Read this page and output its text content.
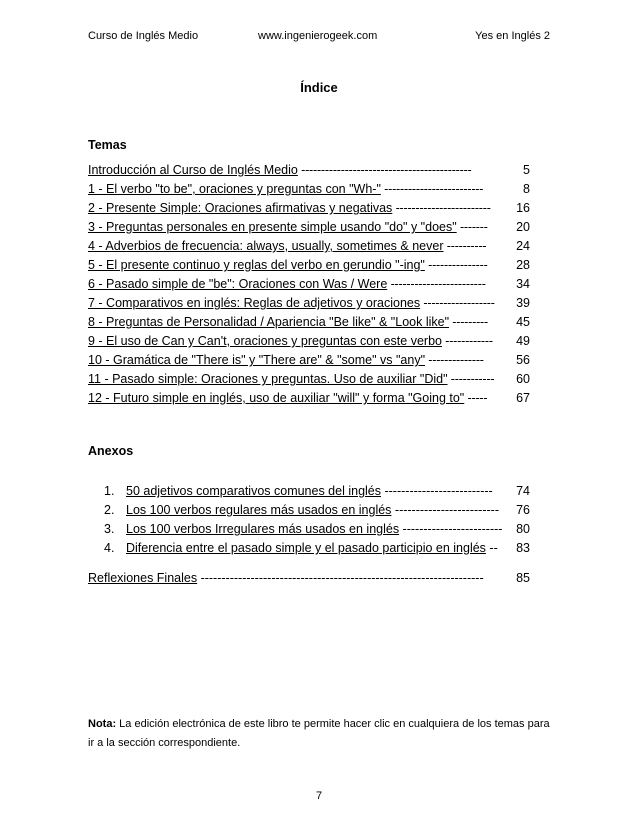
Curso de Inglés Medio	www.ingenierogeek.com	Yes en Inglés 2
Índice
Temas
Introducción al Curso de Inglés Medio -------------------------------------------	5
1 - El verbo "to be", oraciones y preguntas con "Wh-" -------------------------	8
2 - Presente Simple: Oraciones afirmativas y negativas ------------------------ 16
3 - Preguntas personales en presente simple usando "do" y "does" ------- 20
4 - Adverbios de frecuencia: always, usually, sometimes & never ---------- 24
5 - El presente continuo y reglas del verbo en gerundio "-ing" --------------- 28
6 - Pasado simple de "be": Oraciones con Was / Were ------------------------ 34
7 - Comparativos en inglés: Reglas de adjetivos y oraciones ------------------ 39
8 - Preguntas de Personalidad / Apariencia "Be like" & "Look like" --------- 45
9 - El uso de Can y Can't, oraciones y preguntas con este verbo ------------ 49
10 - Gramática de "There is" y "There are" & "some" vs "any" --------------	56
11 - Pasado simple: Oraciones y preguntas. Uso de auxiliar "Did" ----------- 60
12 - Futuro simple en inglés, uso de auxiliar "will" y forma "Going to" ----- 67
Anexos
1. 50 adjetivos comparativos comunes del inglés -------------------------- 74
2. Los 100 verbos regulares más usados en inglés ------------------------- 76
3. Los 100 verbos Irregulares más usados en inglés ------------------------ 80
4. Diferencia entre el pasado simple y el pasado participio en inglés -- 83
Reflexiones Finales --------------------------------------------------------------------	85
Nota: La edición electrónica de este libro te permite hacer clic en cualquiera de los temas para ir a la sección correspondiente.
7
